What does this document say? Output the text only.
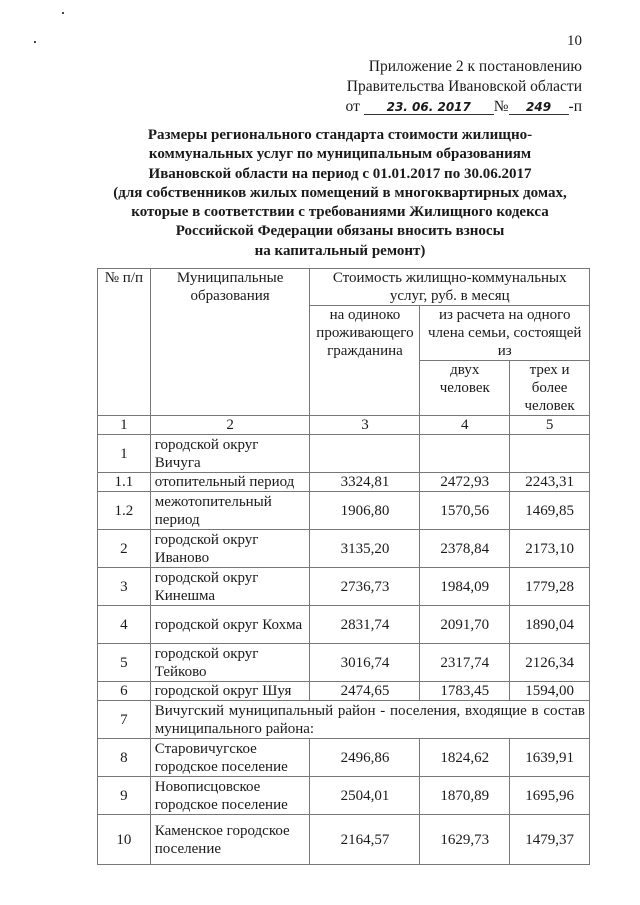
10
Приложение 2 к постановлению
Правительства Ивановской области
от 23. 06. 2017 № 249 -п
Размеры регионального стандарта стоимости жилищно-
коммунальных услуг по муниципальным образованиям
Ивановской области на период с 01.01.2017 по 30.06.2017
(для собственников жилых помещений в многоквартирных домах,
которые в соответствии с требованиями Жилищного кодекса
Российской Федерации обязаны вносить взносы
на капитальный ремонт)
№ п/п	Муниципальные образования	Стоимость жилищно-коммунальных услуг, руб. в месяц		
		на одиноко проживающего гражданина	из расчета на одного члена семьи, состоящей из	
			двух человек	трех и более человек
1	2	3	4	5
1	городской округ Вичуга			
1.1	отопительный период	3324,81	2472,93	2243,31
1.2	межотопительный период	1906,80	1570,56	1469,85
2	городской округ Иваново	3135,20	2378,84	2173,10
3	городской округ Кинешма	2736,73	1984,09	1779,28
4	городской округ Кохма	2831,74	2091,70	1890,04
5	городской округ Тейково	3016,74	2317,74	2126,34
6	городской округ Шуя	2474,65	1783,45	1594,00
7	Вичугский муниципальный район - поселения, входящие в состав муниципального района:			
8	Старовичугское городское поселение	2496,86	1824,62	1639,91
9	Новописцовское городское поселение	2504,01	1870,89	1695,96
10	Каменское городское поселение	2164,57	1629,73	1479,37
